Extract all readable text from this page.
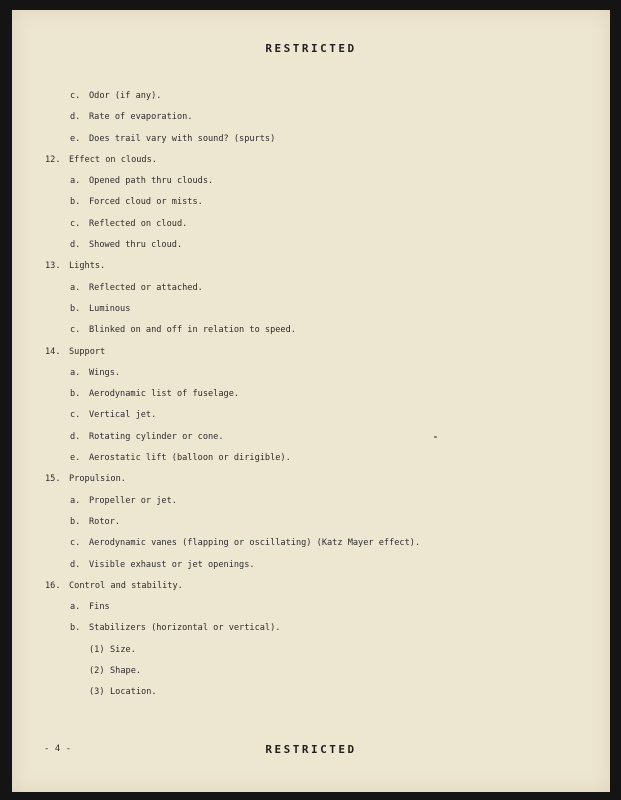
RESTRICTED
c. Odor (if any).
d. Rate of evaporation.
e. Does trail vary with sound? (spurts)
12. Effect on clouds.
a. Opened path thru clouds.
b. Forced cloud or mists.
c. Reflected on cloud.
d. Showed thru cloud.
13. Lights.
a. Reflected or attached.
b. Luminous
c. Blinked on and off in relation to speed.
14. Support
a. Wings.
b. Aerodynamic list of fuselage.
c. Vertical jet.
d. Rotating cylinder or cone.
e. Aerostatic lift (balloon or dirigible).
15. Propulsion.
a. Propeller or jet.
b. Rotor.
c. Aerodynamic vanes (flapping or oscillating) (Katz Mayer effect).
d. Visible exhaust or jet openings.
16. Control and stability.
a. Fins
b. Stabilizers (horizontal or vertical).
(1) Size.
(2) Shape.
(3) Location.
- 4 -	RESTRICTED
